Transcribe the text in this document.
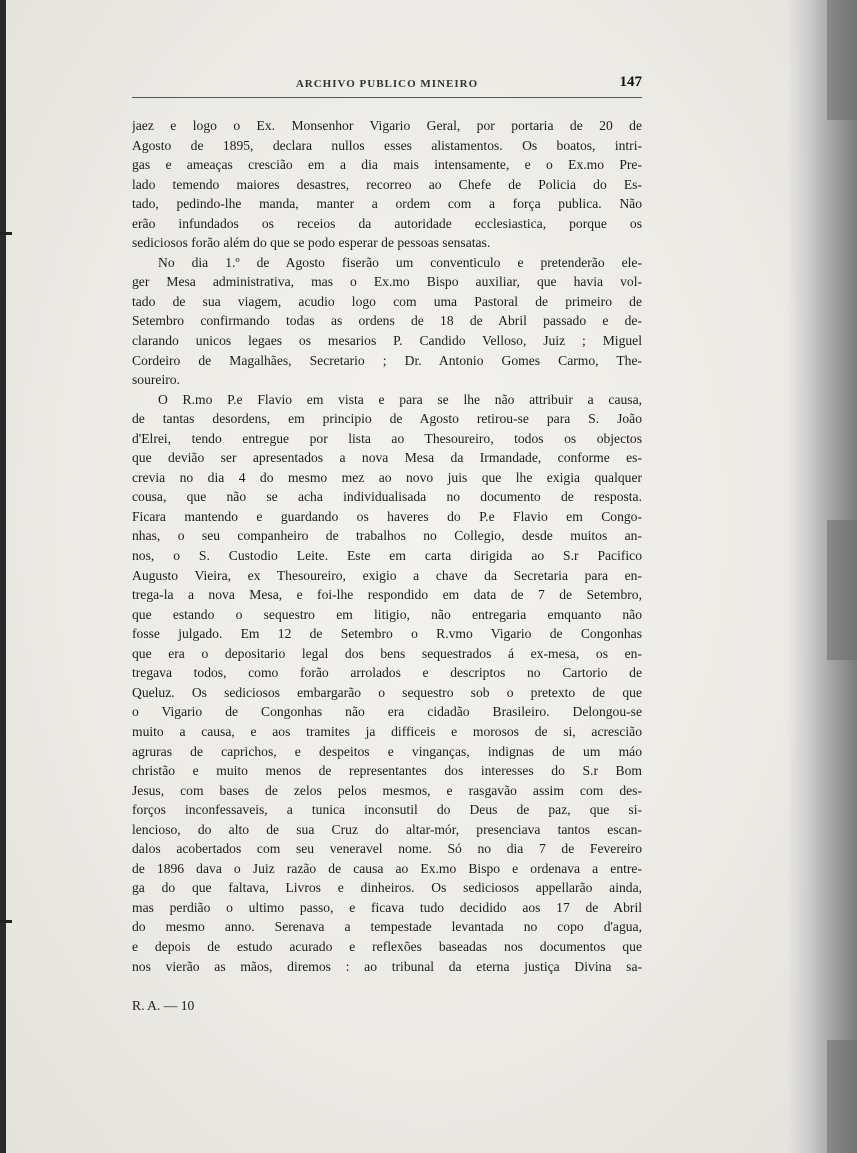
ARCHIVO PUBLICO MINEIRO	147
jaez e logo o Ex. Monsenhor Vigario Geral, por portaria de 20 de
Agosto de 1895, declara nullos esses alistamentos. Os boatos, intri-
gas e ameaças crescião em a dia mais intensamente, e o Ex.mo Pre-
lado temendo maiores desastres, recorreo ao Chefe de Policia do Es-
tado, pedindo-lhe manda, manter a ordem com a força publica. Não
erão infundados os receios da autoridade ecclesiastica, porque os
sediciosos forão além do que se podo esperar de pessoas sensatas.
No dia 1.º de Agosto fiserão um conventiculo e pretenderão ele-
ger Mesa administrativa, mas o Ex.mo Bispo auxiliar, que havia vol-
tado de sua viagem, acudio logo com uma Pastoral de primeiro de
Setembro confirmando todas as ordens de 18 de Abril passado e de-
clarando unicos legaes os mesarios P. Candido Velloso, Juiz ; Miguel
Cordeiro de Magalhães, Secretario ; Dr. Antonio Gomes Carmo, The-
soureiro.
O R.mo P.e Flavio em vista e para se lhe não attribuir a causa,
de tantas desordens, em principio de Agosto retirou-se para S. João
d'Elrei, tendo entregue por lista ao Thesoureiro, todos os objectos
que devião ser apresentados a nova Mesa da Irmandade, conforme es-
crevia no dia 4 do mesmo mez ao novo juis que lhe exigia qualquer
cousa, que não se acha individualisada no documento de resposta.
Ficara mantendo e guardando os haveres do P.e Flavio em Congo-
nhas, o seu companheiro de trabalhos no Collegio, desde muitos an-
nos, o S. Custodio Leite. Este em carta dirigida ao S.r Pacifico
Augusto Vieira, ex Thesoureiro, exigio a chave da Secretaria para en-
trega-la a nova Mesa, e foi-lhe respondido em data de 7 de Setembro,
que estando o sequestro em litigio, não entregaria emquanto não
fosse julgado. Em 12 de Setembro o R.vmo Vigario de Congonhas
que era o depositario legal dos bens sequestrados á ex-mesa, os en-
tregava todos, como forão arrolados e descriptos no Cartorio de
Queluz. Os sediciosos embargarão o sequestro sob o pretexto de que
o Vigario de Congonhas não era cidadão Brasileiro. Delongou-se
muito a causa, e aos tramites ja difficeis e morosos de si, acrescião
agruras de caprichos, e despeitos e vinganças, indignas de um máo
christão e muito menos de representantes dos interesses do S.r Bom
Jesus, com bases de zelos pelos mesmos, e rasgavão assim com des-
forços inconfessaveis, a tunica inconsutil do Deus de paz, que si-
lencioso, do alto de sua Cruz do altar-mór, presenciava tantos escan-
dalos acobertados com seu veneravel nome. Só no dia 7 de Fevereiro
de 1896 dava o Juiz razão de causa ao Ex.mo Bispo e ordenava a entre-
ga do que faltava, Livros e dinheiros. Os sediciosos appellarão ainda,
mas perdião o ultimo passo, e ficava tudo decidido aos 17 de Abril
do mesmo anno. Serenava a tempestade levantada no copo d'agua,
e depois de estudo acurado e reflexões baseadas nos documentos que
nos vierão as mãos, diremos : ao tribunal da eterna justiça Divina sa-
R. A. — 10
